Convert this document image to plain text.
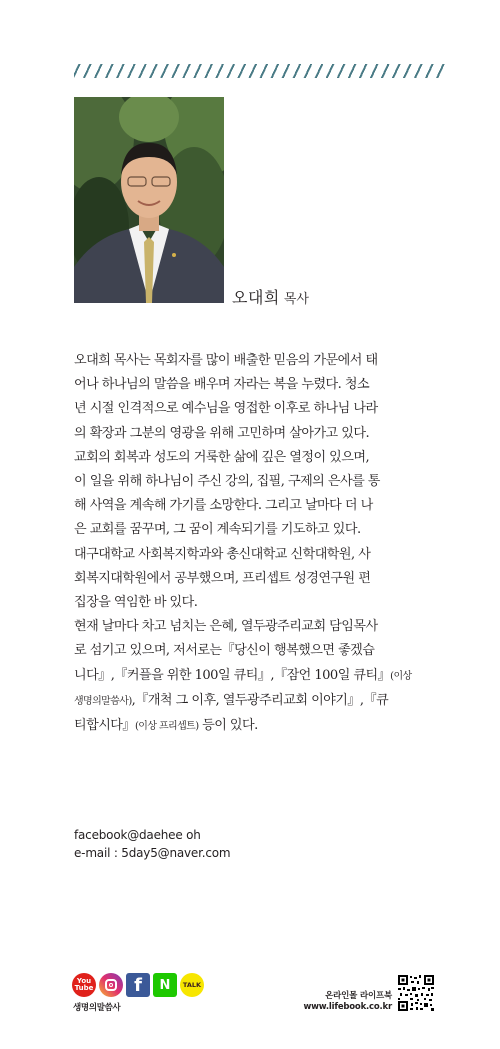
오대희 목사

오대희 목사는 목회자를 많이 배출한 믿음의 가문에서 태
어나 하나님의 말씀을 배우며 자라는 복을 누렸다. 청소
년 시절 인격적으로 예수님을 영접한 이후로 하나님 나라
의 확장과 그분의 영광을 위해 고민하며 살아가고 있다.

교회의 회복과 성도의 거룩한 삶에 깊은 열정이 있으며,
이 일을 위해 하나님이 주신 강의, 집필, 구제의 은사를 통
해 사역을 계속해 가기를 소망한다. 그리고 날마다 더 나
은 교회를 꿈꾸며, 그 꿈이 계속되기를 기도하고 있다.

대구대학교 사회복지학과와 총신대학교 신학대학원, 사
회복지대학원에서 공부했으며, 프리셉트 성경연구원 편
집장을 역임한 바 있다.

현재 날마다 차고 넘치는 은혜, 열두광주리교회 담임목사
로 섬기고 있으며, 저서로는『당신이 행복했으면 좋겠습
니다』,『커플을 위한 100일 큐티』,『잠언 100일 큐티』(이상
생명의말씀사),『개척 그 이후, 열두광주리교회 이야기』,『큐
티합시다』(이상 프리셉트) 등이 있다.

facebook@daehee oh
e-mail : 5day5@naver.com
You Tube	f	N	TALK
생명의말씀사
온라인몰 라이프북
www.lifebook.co.kr
